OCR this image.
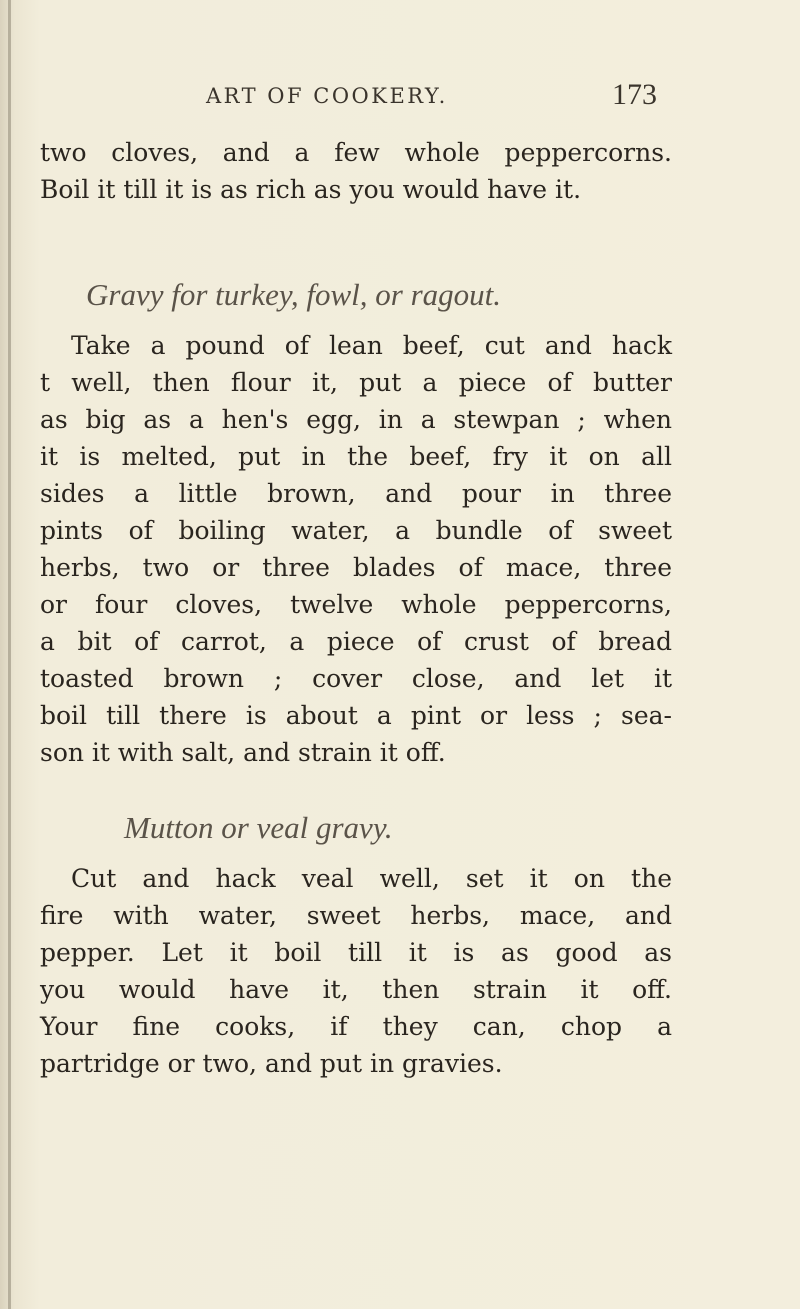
ART OF COOKERY.	173
two cloves, and a few whole peppercorns.
Boil it till it is as rich as you would have it.
Gravy for turkey, fowl, or ragout.
Take a pound of lean beef, cut and hack
t well, then flour it, put a piece of butter
as big as a hen's egg, in a stewpan ; when
it is melted, put in the beef, fry it on all
sides a little brown, and pour in three
pints of boiling water, a bundle of sweet
herbs, two or three blades of mace, three
or four cloves, twelve whole peppercorns,
a bit of carrot, a piece of crust of bread
toasted brown ; cover close, and let it
boil till there is about a pint or less ; sea-
son it with salt, and strain it off.
Mutton or veal gravy.
Cut and hack veal well, set it on the
fire with water, sweet herbs, mace, and
pepper. Let it boil till it is as good as
you would have it, then strain it off.
Your fine cooks, if they can, chop a
partridge or two, and put in gravies.
